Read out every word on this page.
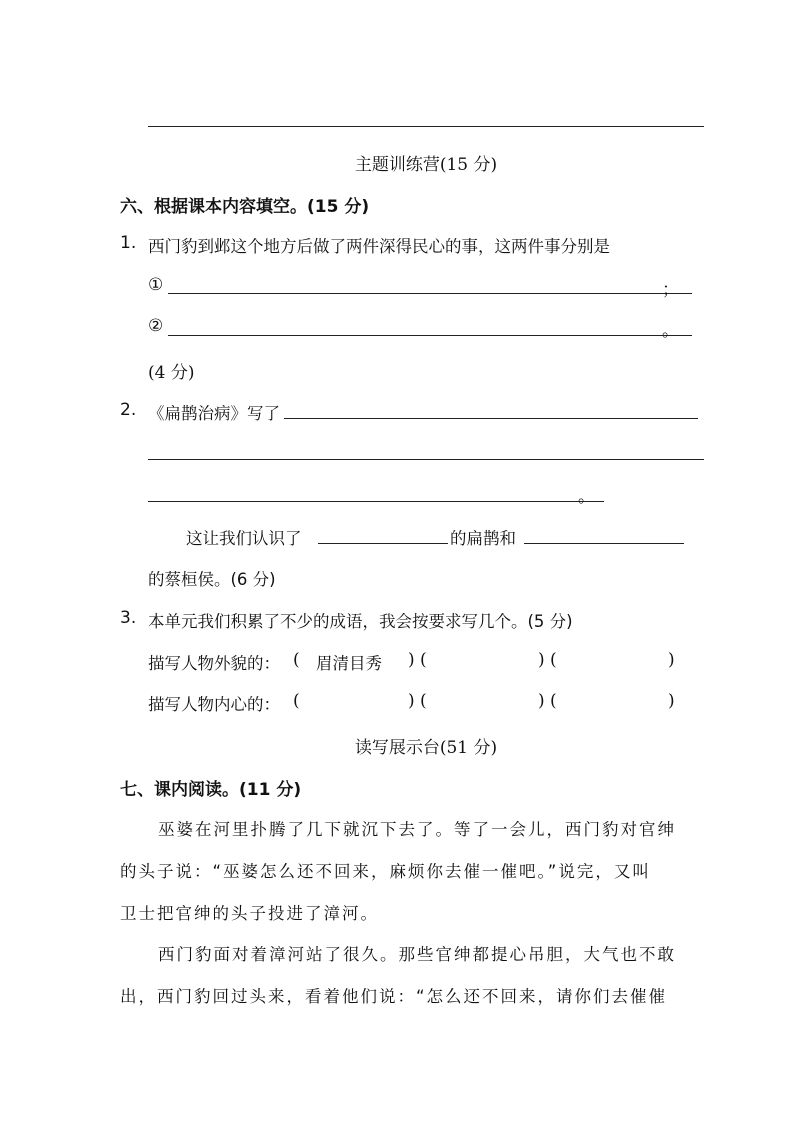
主题训练营(15 分)
六、根据课本内容填空。(15 分)
1. 西门豹到邺这个地方后做了两件深得民心的事，这两件事分别是
①	；
②	。
(4 分)
2. 《扁鹊治病》写了
。
这让我们认识了	的扁鹊和
的蔡桓侯。(6 分)
3. 本单元我们积累了不少的成语，我会按要求写几个。(5 分)
描写人物外貌的： ( 眉清目秀 ) (	) (	)
描写人物内心的： (	) (	) (	)
读写展示台(51 分)
七、课内阅读。(11 分)
巫婆在河里扑腾了几下就沉下去了。等了一会儿，西门豹对官绅
的头子说：“巫婆怎么还不回来，麻烦你去催一催吧。”说完，又叫
卫士把官绅的头子投进了漳河。
西门豹面对着漳河站了很久。那些官绅都提心吊胆，大气也不敢
出，西门豹回过头来，看着他们说：“怎么还不回来，请你们去催催
